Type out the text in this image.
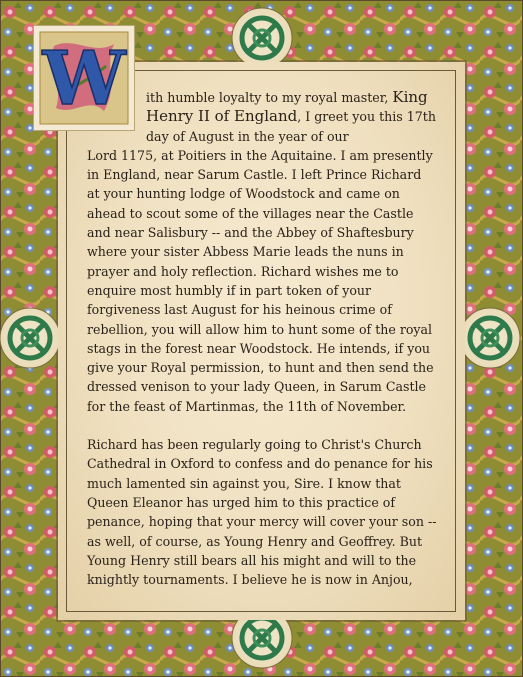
W	ith humble loyalty to my royal master, King Henry II of England, I greet you this 17th day of August in the year of our
Lord 1175, at Poitiers in the Aquitaine. I am presently in England, near Sarum Castle. I left Prince Richard at your hunting lodge of Woodstock and came on ahead to scout some of the villages near the Castle and near Salisbury -- and the Abbey of Shaftesbury where your sister Abbess Marie leads the nuns in prayer and holy reflection. Richard wishes me to enquire most humbly if in part token of your forgiveness last August for his heinous crime of rebellion, you will allow him to hunt some of the royal stags in the forest near Woodstock. He intends, if you give your Royal permission, to hunt and then send the dressed venison to your lady Queen, in Sarum Castle for the feast of Martinmas, the 11th of November.

Richard has been regularly going to Christ's Church Cathedral in Oxford to confess and do penance for his much lamented sin against you, Sire. I know that Queen Eleanor has urged him to this practice of penance, hoping that your mercy will cover your son -- as well, of course, as Young Henry and Geoffrey. But Young Henry still bears all his might and will to the knightly tournaments. I believe he is now in Anjou,
